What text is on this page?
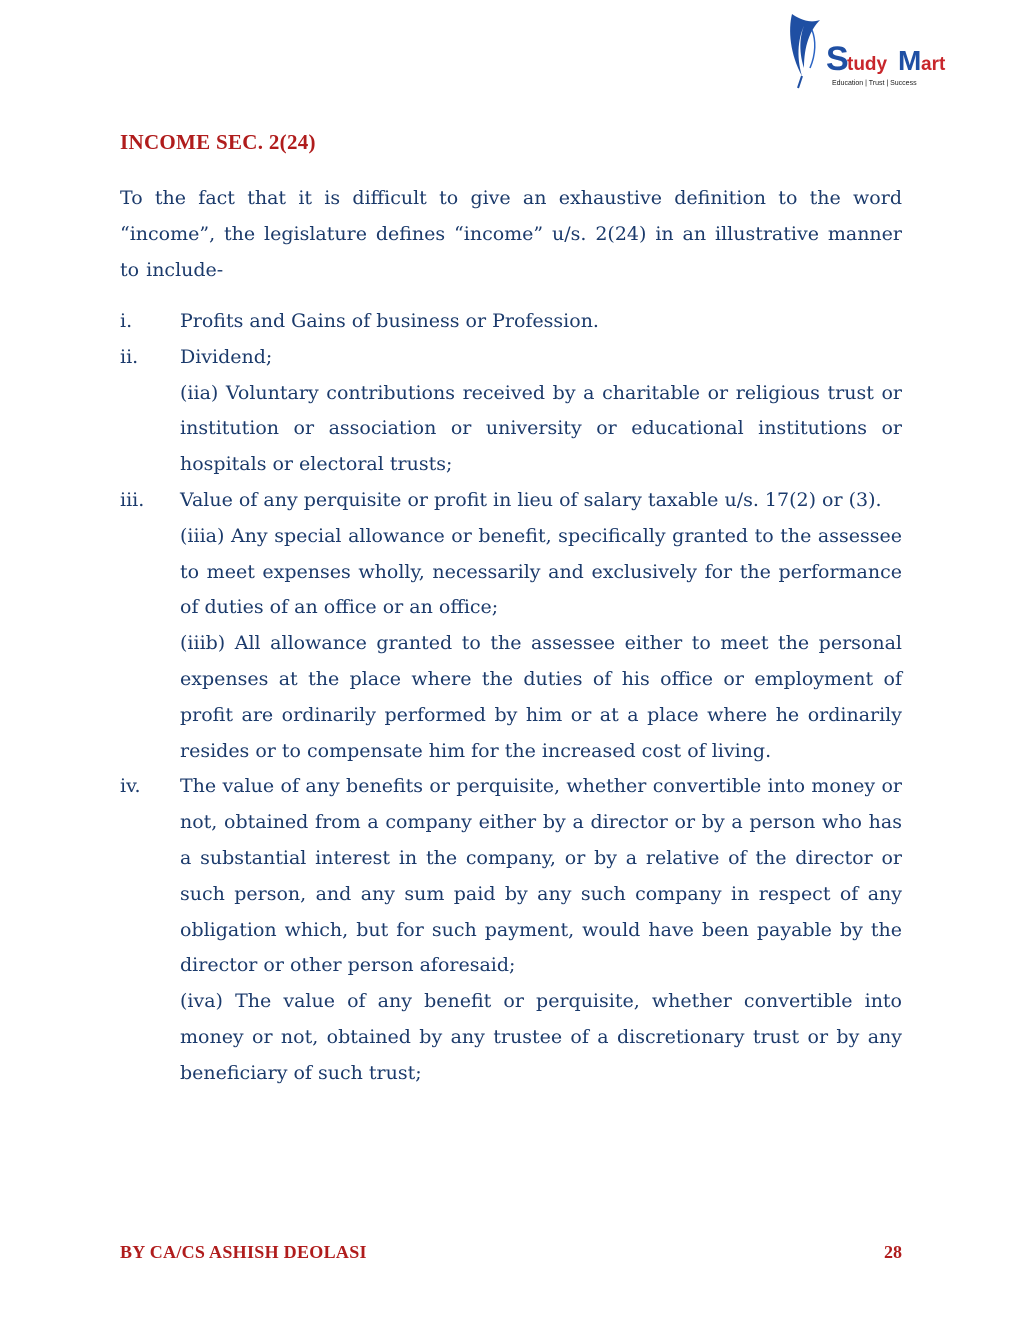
S
tudy M art
Education | Trust | Success
INCOME SEC. 2(24)

To the fact that it is difficult to give an exhaustive definition to the word “income”, the legislature defines “income” u/s. 2(24) in an illustrative manner to include-

i.	Profits and Gains of business or Profession.

ii. Dividend;

(iia) Voluntary contributions received by a charitable or religious trust or institution or association or university or educational institutions or hospitals or electoral trusts;

iii. Value of any perquisite or profit in lieu of salary taxable u/s. 17(2) or (3).

(iiia) Any special allowance or benefit, specifically granted to the assessee to meet expenses wholly, necessarily and exclusively for the performance of duties of an office or an office;

(iiib) All allowance granted to the assessee either to meet the personal expenses at the place where the duties of his office or employment of profit are ordinarily performed by him or at a place where he ordinarily resides or to compensate him for the increased cost of living.

iv. The value of any benefits or perquisite, whether convertible into money or not, obtained from a company either by a director or by a person who has a substantial interest in the company, or by a relative of the director or such person, and any sum paid by any such company in respect of any obligation which, but for such payment, would have been payable by the director or other person aforesaid;

(iva) The value of any benefit or perquisite, whether convertible into money or not, obtained by any trustee of a discretionary trust or by any beneficiary of such trust;

BY CA/CS ASHISH DEOLASI	28
